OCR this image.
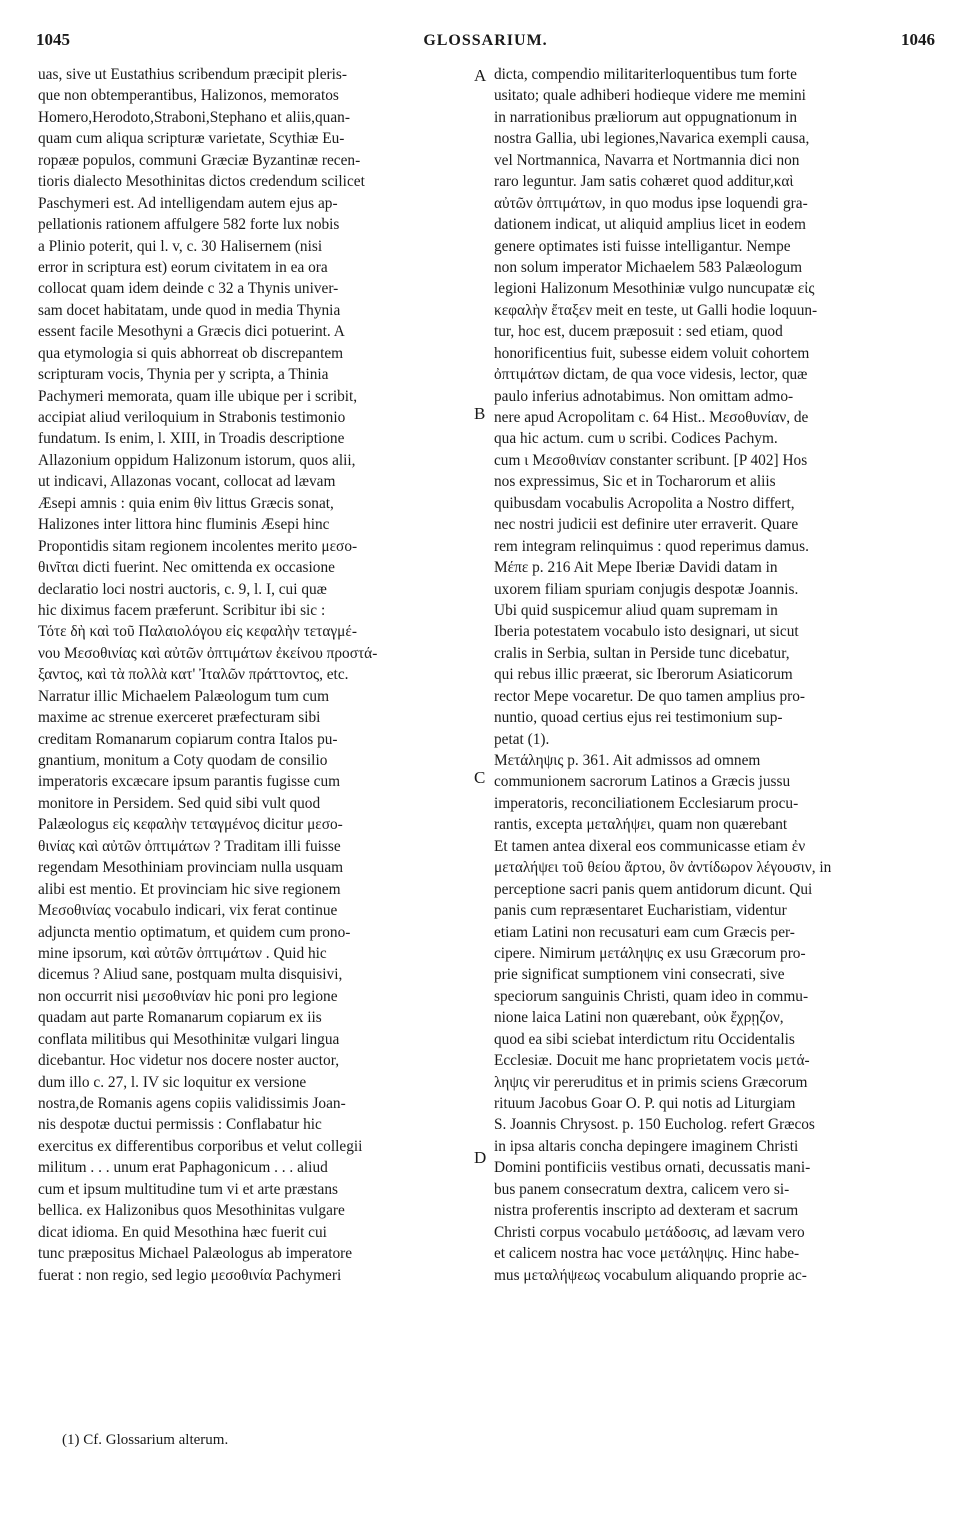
1045	GLOSSARIUM.	1046
uas, sive ut Eustathius scribendum præcipit pleris-
que non obtemperantibus, Halizonos, memoratos
Homero,Herodoto,Straboni,Stephano et aliis,quan-
quam cum aliqua scripturæ varietate, Scythiæ Eu-
ropææ populos, communi Græciæ Byzantinæ recen-
tioris dialecto Mesothinitas dictos credendum scilicet
Paschymeri est. Ad intelligendam autem ejus ap-
pellationis rationem affulgere 582 forte lux nobis
a Plinio poterit, qui l. v, c. 30 Halisernem (nisi
error in scriptura est) eorum civitatem in ea ora
collocat quam idem deinde c 32 a Thynis univer-
sam docet habitatam, unde quod in media Thynia
essent facile Mesothyni a Græcis dici potuerint. A
qua etymologia si quis abhorreat ob discrepantem
scripturam vocis, Thynia per y scripta, a Thinia
Pachymeri memorata, quam ille ubique per i scribit,
accipiat aliud veriloquium in Strabonis testimonio
fundatum. Is enim, l. XIII, in Troadis descriptione
Allazonium oppidum Halizonum istorum, quos alii,
ut indicavi, Allazonas vocant, collocat ad lævam
Æsepi amnis : quia enim θὶν littus Græcis sonat,
Halizones inter littora hinc fluminis Æsepi hinc
Propontidis sitam regionem incolentes merito μεσο-
θινῖται dicti fuerint. Nec omittenda ex occasione
declaratio loci nostri auctoris, c. 9, l. I, cui quæ
hic diximus facem præferunt. Scribitur ibi sic :
Τότε δὴ καὶ τοῦ Παλαιολόγου εἰς κεφαλὴν τεταγμέ-
νου Μεσοθινίας καὶ αὐτῶν ὀπτιμάτων ἐκείνου προστά-
ξαντος, καὶ τὰ πολλὰ κατ' Ἰταλῶν πράττοντος, etc.
Narratur illic Michaelem Palæologum tum cum
maxime ac strenue exerceret præfecturam sibi
creditam Romanarum copiarum contra Italos pu-
gnantium, monitum a Coty quodam de consilio
imperatoris excæcare ipsum parantis fugisse cum
monitore in Persidem. Sed quid sibi vult quod
Palæologus εἰς κεφαλὴν τεταγμένος dicitur μεσο-
θινίας καὶ αὐτῶν ὀπτιμάτων ? Traditam illi fuisse
regendam Mesothiniam provinciam nulla usquam
alibi est mentio. Et provinciam hic sive regionem
Μεσοθινίας vocabulo indicari, vix ferat continue
adjuncta mentio optimatum, et quidem cum prono-
mine ipsorum, καὶ αὐτῶν ὀπτιμάτων . Quid hic
dicemus ? Aliud sane, postquam multa disquisivi,
non occurrit nisi μεσοθινίαν hic poni pro legione
quadam aut parte Romanarum copiarum ex iis
conflata militibus qui Mesothinitæ vulgari lingua
dicebantur. Hoc videtur nos docere noster auctor,
dum illo c. 27, l. IV sic loquitur ex versione
nostra,de Romanis agens copiis validissimis Joan-
nis despotæ ductui permissis : Conflabatur hic
exercitus ex differentibus corporibus et velut collegii
militum . . . unum erat Paphagonicum . . . aliud
cum et ipsum multitudine tum vi et arte præstans
bellica. ex Halizonibus quos Mesothinitas vulgare
dicat idioma. En quid Mesothina hæc fuerit cui
tunc præpositus Michael Palæologus ab imperatore
fuerat : non regio, sed legio μεσοθινία Pachymeri
dicta, compendio militariterloquentibus tum forte
usitato; quale adhiberi hodieque videre me memini
in narrationibus præliorum aut oppugnationum in
nostra Gallia, ubi legiones,Navarica exempli causa,
vel Nortmannica, Navarra et Nortmannia dici non
raro leguntur. Jam satis cohæret quod additur,καὶ
αὐτῶν ὀπτιμάτων, in quo modus ipse loquendi gra-
dationem indicat, ut aliquid amplius licet in eodem
genere optimates isti fuisse intelligantur. Nempe
non solum imperator Michaelem 583 Palæologum
legioni Halizonum Mesothiniæ vulgo nuncupatæ εἰς
κεφαλὴν ἔταξεν meit en teste, ut Galli hodie loquun-
tur, hoc est, ducem præposuit : sed etiam, quod
honorificentius fuit, subesse eidem voluit cohortem
ὀπτιμάτων dictam, de qua voce videsis, lector, quæ
paulo inferius adnotabimus. Non omittam admo-
nere apud Acropolitam c. 64 Hist.. Μεσοθυνίαν, de
qua hic actum. cum υ scribi. Codices Pachym.
cum ι Μεσοθινίαν constanter scribunt. [P 402] Hos
nos expressimus, Sic et in Tocharorum et aliis
quibusdam vocabulis Acropolita a Nostro differt,
nec nostri judicii est definire uter erraverit. Quare
rem integram relinquimus : quod reperimus damus.
Μέπε p. 216 Ait Mepe Iberiæ Davidi datam in
uxorem filiam spuriam conjugis despotæ Joannis.
Ubi quid suspicemur aliud quam supremam in
Iberia potestatem vocabulo isto designari, ut sicut
cralis in Serbia, sultan in Perside tunc dicebatur,
qui rebus illic præerat, sic Iberorum Asiaticorum
rector Mepe vocaretur. De quo tamen amplius pro-
nuntio, quoad certius ejus rei testimonium sup-
petat (1).
Μετάληψις p. 361. Ait admissos ad omnem
communionem sacrorum Latinos a Græcis jussu
imperatoris, reconciliationem Ecclesiarum procu-
rantis, excepta μεταλήψει, quam non quærebant
Et tamen antea dixeral eos communicasse etiam ἐν
μεταλήψει τοῦ θείου ἄρτου, ὃν ἀντίδωρον λέγουσιν, in
perceptione sacri panis quem antidorum dicunt. Qui
panis cum repræsentaret Eucharistiam, videntur
etiam Latini non recusaturi eam cum Græcis per-
cipere. Nimirum μετάληψις ex usu Græcorum pro-
prie significat sumptionem vini consecrati, sive
speciorum sanguinis Christi, quam ideo in commu-
nione laica Latini non quærebant, οὐκ ἔχρῃζον,
quod ea sibi sciebat interdictum ritu Occidentalis
Ecclesiæ. Docuit me hanc proprietatem vocis μετά-
ληψις vir pereruditus et in primis sciens Græcorum
rituum Jacobus Goar O. P. qui notis ad Liturgiam
S. Joannis Chrysost. p. 150 Eucholog. refert Græcos
in ipsa altaris concha depingere imaginem Christi
Domini pontificiis vestibus ornati, decussatis mani-
bus panem consecratum dextra, calicem vero si-
nistra proferentis inscripto ad dexteram et sacrum
Christi corpus vocabulo μετάδοσις, ad lævam vero
et calicem nostra hac voce μετάληψις. Hinc habe-
mus μεταλήψεως vocabulum aliquando proprie ac-
A
B
C
D
(1) Cf. Glossarium alterum.
